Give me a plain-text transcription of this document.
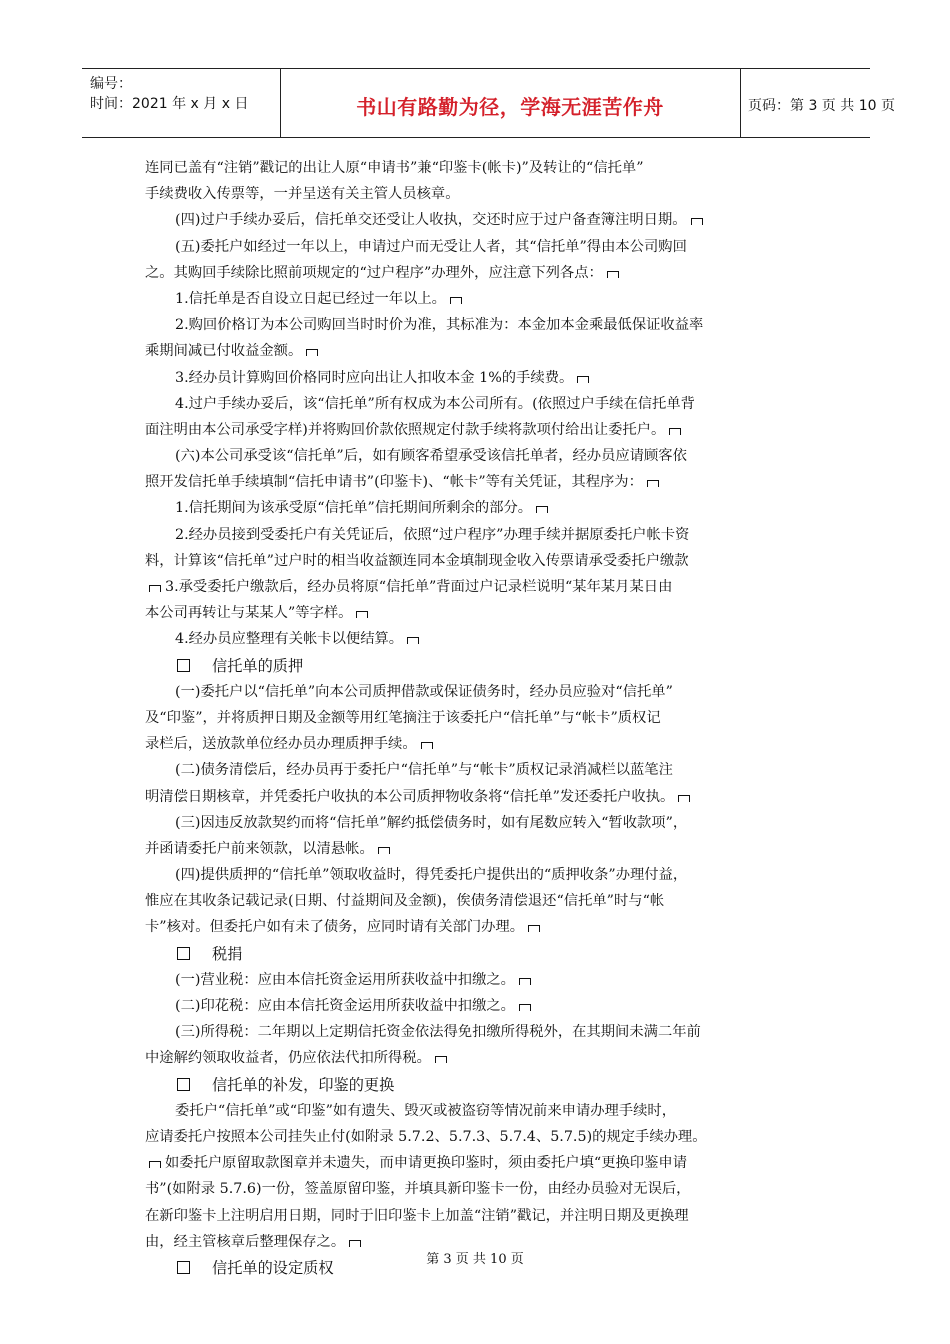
编号：
时间：2021 年 x 月 x 日	书山有路勤为径，学海无涯苦作舟	页码：第 3 页 共 10 页
连同已盖有“注销”戳记的出让人原“申请书”兼“印鉴卡(帐卡)”及转让的“信托单”
手续费收入传票等，一并呈送有关主管人员核章。
(四)过户手续办妥后，信托单交还受让人收执，交还时应于过户备查簿注明日期。
(五)委托户如经过一年以上，申请过户而无受让人者，其“信托单”得由本公司购回
之。其购回手续除比照前项规定的“过户程序”办理外，应注意下列各点：
1.信托单是否自设立日起已经过一年以上。
2.购回价格订为本公司购回当时时价为准，其标准为：本金加本金乘最低保证收益率
乘期间减已付收益金额。
3.经办员计算购回价格同时应向出让人扣收本金 1%的手续费。
4.过户手续办妥后，该“信托单”所有权成为本公司所有。(依照过户手续在信托单背
面注明由本公司承受字样)并将购回价款依照规定付款手续将款项付给出让委托户。
(六)本公司承受该“信托单”后，如有顾客希望承受该信托单者，经办员应请顾客依
照开发信托单手续填制“信托申请书”(印鉴卡)、“帐卡”等有关凭证，其程序为：
1.信托期间为该承受原“信托单”信托期间所剩余的部分。
2.经办员接到受委托户有关凭证后，依照“过户程序”办理手续并据原委托户帐卡资
料，计算该“信托单”过户时的相当收益额连同本金填制现金收入传票请承受委托户缴款
3.承受委托户缴款后，经办员将原“信托单”背面过户记录栏说明“某年某月某日由
本公司再转让与某某人”等字样。
4.经办员应整理有关帐卡以便结算。
信托单的质押
(一)委托户以“信托单”向本公司质押借款或保证债务时，经办员应验对“信托单”
及“印鉴”，并将质押日期及金额等用红笔摘注于该委托户“信托单”与“帐卡”质权记
录栏后，送放款单位经办员办理质押手续。
(二)债务清偿后，经办员再于委托户“信托单”与“帐卡”质权记录消减栏以蓝笔注
明清偿日期核章，并凭委托户收执的本公司质押物收条将“信托单”发还委托户收执。
(三)因违反放款契约而将“信托单”解约抵偿债务时，如有尾数应转入“暂收款项”，
并函请委托户前来领款，以清悬帐。
(四)提供质押的“信托单”领取收益时，得凭委托户提供出的“质押收条”办理付益，
惟应在其收条记载记录(日期、付益期间及金额)，俟债务清偿退还“信托单”时与“帐
卡”核对。但委托户如有未了债务，应同时请有关部门办理。
税捐
(一)营业税：应由本信托资金运用所获收益中扣缴之。
(二)印花税：应由本信托资金运用所获收益中扣缴之。
(三)所得税：二年期以上定期信托资金依法得免扣缴所得税外，在其期间未满二年前
中途解约领取收益者，仍应依法代扣所得税。
信托单的补发，印鉴的更换
委托户“信托单”或“印鉴”如有遗失、毁灭或被盗窃等情况前来申请办理手续时，
应请委托户按照本公司挂失止付(如附录 5.7.2、5.7.3、5.7.4、5.7.5)的规定手续办理。
如委托户原留取款图章并未遗失，而申请更换印鉴时，须由委托户填“更换印鉴申请
书”(如附录 5.7.6)一份，签盖原留印鉴，并填具新印鉴卡一份，由经办员验对无误后，
在新印鉴卡上注明启用日期，同时于旧印鉴卡上加盖“注销”戳记，并注明日期及更换理
由，经主管核章后整理保存之。
信托单的设定质权	第 3 页 共 10 页
